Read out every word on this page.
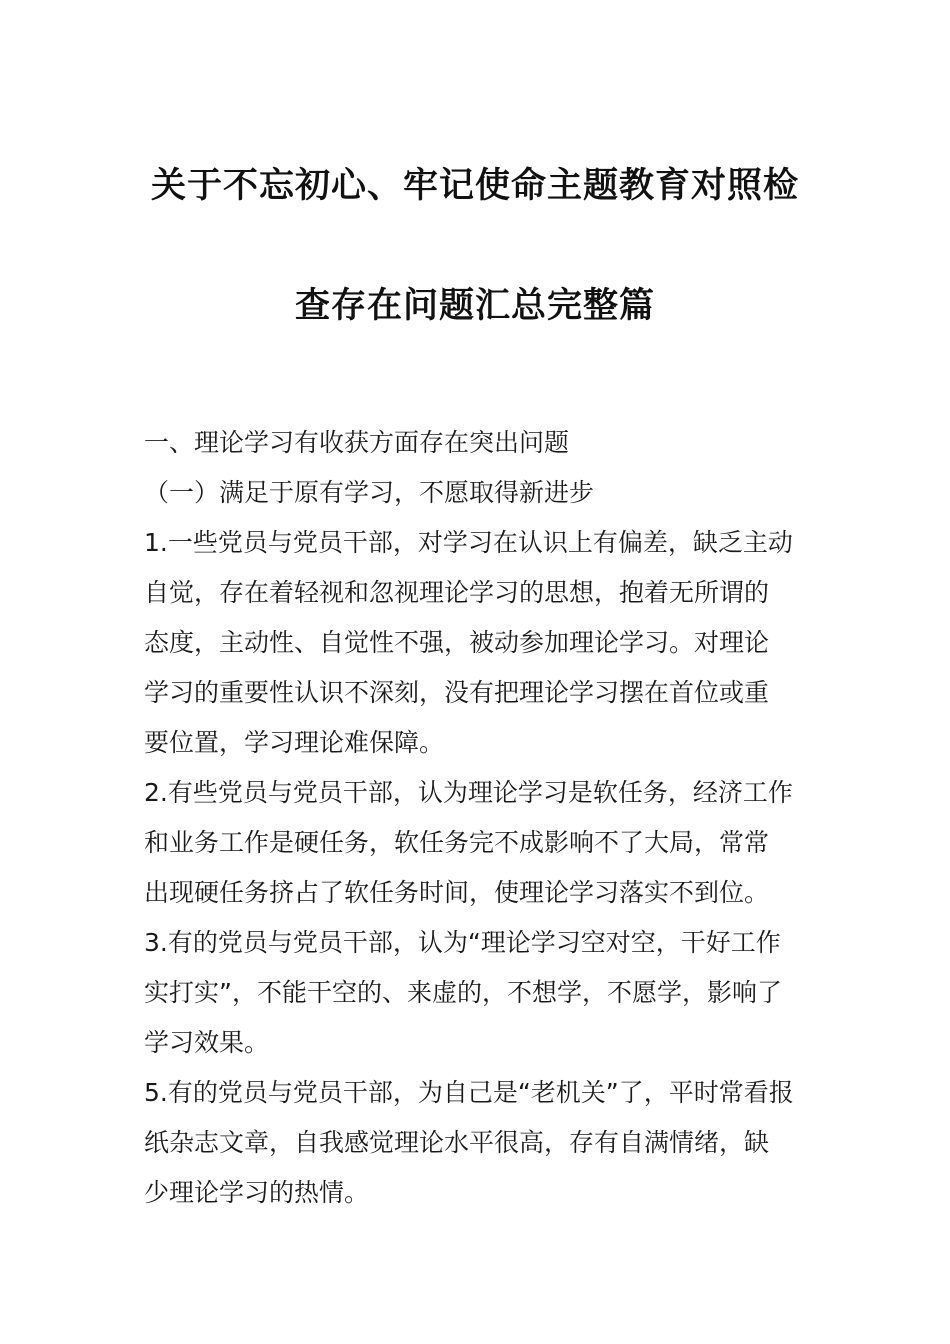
关于不忘初心、牢记使命主题教育对照检
查存在问题汇总完整篇
一、理论学习有收获方面存在突出问题
（一）满足于原有学习，不愿取得新进步
1.一些党员与党员干部，对学习在认识上有偏差，缺乏主动
自觉，存在着轻视和忽视理论学习的思想，抱着无所谓的
态度，主动性、自觉性不强，被动参加理论学习。对理论
学习的重要性认识不深刻，没有把理论学习摆在首位或重
要位置，学习理论难保障。
2.有些党员与党员干部，认为理论学习是软任务，经济工作
和业务工作是硬任务，软任务完不成影响不了大局，常常
出现硬任务挤占了软任务时间，使理论学习落实不到位。
3.有的党员与党员干部，认为“理论学习空对空，干好工作
实打实”，不能干空的、来虚的，不想学，不愿学，影响了
学习效果。
5.有的党员与党员干部，为自己是“老机关”了，平时常看报
纸杂志文章，自我感觉理论水平很高，存有自满情绪，缺
少理论学习的热情。
